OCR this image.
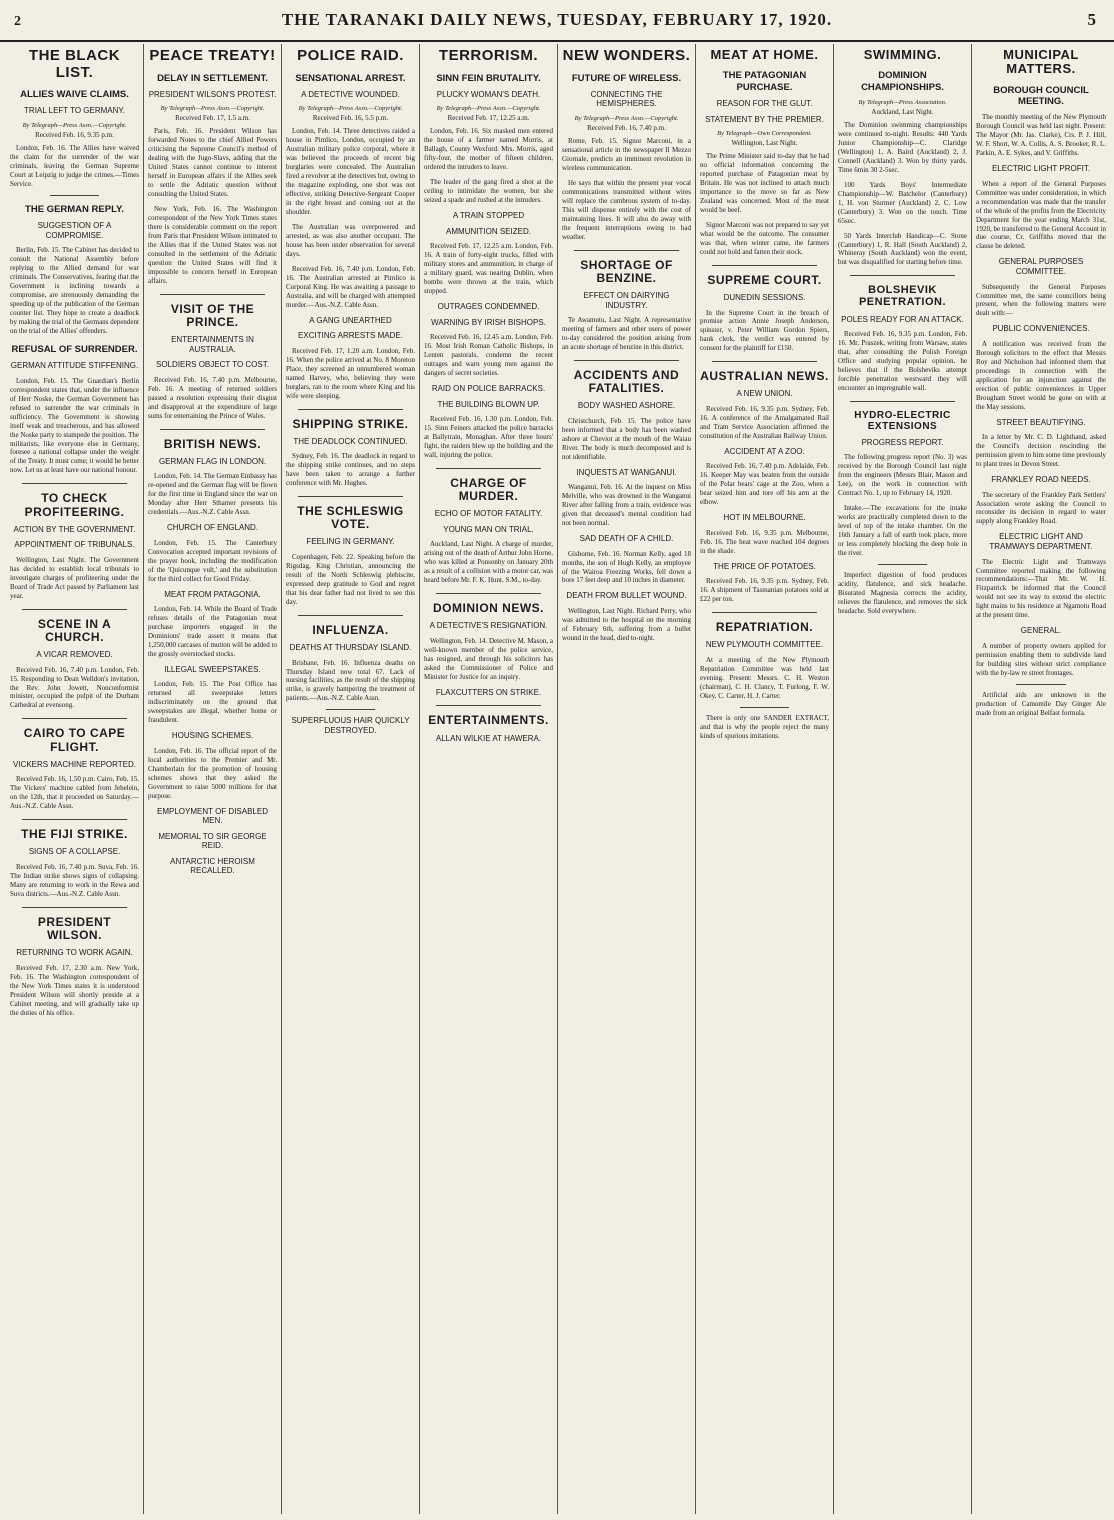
2	THE TARANAKI DAILY NEWS, TUESDAY, FEBRUARY 17, 1920.	5
THE BLACK LIST.
ALLIES WAIVE CLAIMS.
TRIAL LEFT TO GERMANY.
By Telegraph—Press Assn.—Copyright.
Received Feb. 16, 9.35 p.m.

London, Feb. 16. The Allies have waived the claim for the surrender of the war criminals, leaving the German Supreme Court at Leipzig to judge the crimes.—Times Service.

THE GERMAN REPLY.
SUGGESTION OF A COMPROMISE.

Berlin, Feb. 15. The Cabinet has decided to consult the National Assembly before replying to the Allied demand for war criminals. The Conservatives, fearing that the Government is inclining towards a compromise, are strenuously demanding the speeding up of the publication of the German counter list. They hope to create a deadlock by making the trial of the Germans dependent on the trial of the Allies' offenders.

REFUSAL OF SURRENDER.
GERMAN ATTITUDE STIFFENING.

London, Feb. 15. The Guardian's Berlin correspondent states that, under the influence of Herr Noske, the German Government has refused to surrender the war criminals in sufficiency. The Government is showing itself weak and treacherous, and has allowed the Noske party to stampede the position. The militarists, like everyone else in Germany, foresee a national collapse under the weight of the Treaty. It must come; it would be better now. Let us at least have our national honour.

TO CHECK PROFITEERING.
ACTION BY THE GOVERNMENT.
APPOINTMENT OF TRIBUNALS.

Wellington, Last Night. The Government has decided to establish local tribunals to investigate charges of profiteering under the Board of Trade Act passed by Parliament last year.

SCENE IN A CHURCH.
A VICAR REMOVED.

Received Feb. 16, 7.40 p.m. London, Feb. 15. Responding to Dean Welldon's invitation, the Rev. John Jowett, Nonconformist minister, occupied the pulpit of the Durham Cathedral at evensong.

CAIRO TO CAPE FLIGHT.
VICKERS MACHINE REPORTED.

Received Feb. 16, 1.50 p.m. Cairo, Feb. 15. The Vickers' machine cabled from Jebelein, on the 12th, that it proceeded on Saturday.—Aus.-N.Z. Cable Assn.

THE FIJI STRIKE.
SIGNS OF A COLLAPSE.

Received Feb. 16, 7.40 p.m. Suva, Feb. 16. The Indian strike shows signs of collapsing. Many are returning to work in the Rewa and Suva districts.—Aus.-N.Z. Cable Assn.

PRESIDENT WILSON.
RETURNING TO WORK AGAIN.

Received Feb. 17, 2.30 a.m. New York, Feb. 16. The Washington correspondent of the New York Times states it is understood President Wilson will shortly preside at a Cabinet meeting, and will gradually take up the duties of his office.

PEACE TREATY!
DELAY IN SETTLEMENT.
PRESIDENT WILSON'S PROTEST.
By Telegraph—Press Assn.—Copyright.
Received Feb. 17, 1.5 a.m.

Paris, Feb. 16. President Wilson has forwarded Notes to the chief Allied Powers criticising the Supreme Council's method of dealing with the Jugo-Slavs, adding that the United States cannot continue to interest herself in European affairs if the Allies seek to settle the Adriatic question without consulting the United States.

New York, Feb. 16. The Washington correspondent of the New York Times states there is considerable comment on the report from Paris that President Wilson intimated to the Allies that if the United States was not consulted in the settlement of the Adriatic question the United States will find it impossible to concern herself in European affairs.

VISIT OF THE PRINCE.
ENTERTAINMENTS IN AUSTRALIA.
SOLDIERS OBJECT TO COST.

Received Feb. 16, 7.40 p.m. Melbourne, Feb. 16. A meeting of returned soldiers passed a resolution expressing their disgust and disapproval at the expenditure of large sums for entertaining the Prince of Wales.

BRITISH NEWS.
GERMAN FLAG IN LONDON.

London, Feb. 14. The German Embassy has re-opened and the German flag will be flown for the first time in England since the war on Monday after Herr Sthamer presents his credentials.—Aus.-N.Z. Cable Assn.

CHURCH OF ENGLAND.

London, Feb. 15. The Canterbury Convocation accepted important revisions of the prayer book, including the modification of the 'Quicunque vult,' and the substitution for the third collect for Good Friday.

MEAT FROM PATAGONIA.

London, Feb. 14. While the Board of Trade refuses details of the Patagonian meat purchase importers engaged in the Dominions' trade assert it means that 1,250,000 carcases of mutton will be added to the grossly overstocked stocks.

ILLEGAL SWEEPSTAKES.

London, Feb. 15. The Post Office has returned all sweepstake letters indiscriminately on the ground that sweepstakes are illegal, whether home or fraudulent.

HOUSING SCHEMES.

London, Feb. 16. The official report of the local authorities to the Premier and Mr. Chamberlain for the promotion of housing schemes shows that they asked the Government to raise 5000 millions for that purpose.

EMPLOYMENT OF DISABLED MEN.
MEMORIAL TO SIR GEORGE REID.
ANTARCTIC HEROISM RECALLED.
POLICE RAID.
SENSATIONAL ARREST.
A DETECTIVE WOUNDED.
By Telegraph—Press Assn.—Copyright.
Received Feb. 16, 5.5 p.m.

London, Feb. 14. Three detectives raided a house in Pimlico, London, occupied by an Australian military police corporal, where it was believed the proceeds of recent big burglaries were concealed. The Australian fired a revolver at the detectives but, owing to the magazine exploding, one shot was not effective, striking Detective-Sergeant Cooper in the right breast and coming out at the shoulder.

The Australian was overpowered and arrested, as was also another occupant. The house has been under observation for several days.

Received Feb. 16, 7.40 p.m. London, Feb. 16. The Australian arrested at Pimlico is Corporal King. He was awaiting a passage to Australia, and will be charged with attempted murder.—Aus.-N.Z. Cable Assn.

A GANG UNEARTHED
EXCITING ARRESTS MADE.

Received Feb. 17, 1.20 a.m. London, Feb. 16. When the police arrived at No. 8 Moreton Place, they screened an unnumbered woman named Harvey, who, believing they were burglars, ran to the room where King and his wife were sleeping.

SHIPPING STRIKE.
THE DEADLOCK CONTINUED.

Sydney, Feb. 16. The deadlock in regard to the shipping strike continues, and no steps have been taken to arrange a further conference with Mr. Hughes.

THE SCHLESWIG VOTE.
FEELING IN GERMANY.

Copenhagen, Feb. 22. Speaking before the Rigsdag, King Christian, announcing the result of the North Schleswig plebiscite, expressed deep gratitude to God and regret that his dear father had not lived to see this day.

INFLUENZA.
DEATHS AT THURSDAY ISLAND.

Brisbane, Feb. 16. Influenza deaths on Thursday Island now total 67. Lack of nursing facilities, as the result of the shipping strike, is gravely hampering the treatment of patients.—Aus.-N.Z. Cable Assn.

SUPERFLUOUS HAIR QUICKLY DESTROYED.
TERRORISM.
SINN FEIN BRUTALITY.
PLUCKY WOMAN'S DEATH.
By Telegraph—Press Assn.—Copyright.
Received Feb. 17, 12.25 a.m.

London, Feb. 16. Six masked men entered the house of a farmer named Morris, at Ballagh, County Wexford. Mrs. Morris, aged fifty-four, the mother of fifteen children, ordered the intruders to leave.

The leader of the gang fired a shot at the ceiling to intimidate the women, but she seized a spade and rushed at the intruders.

A TRAIN STOPPED
AMMUNITION SEIZED.

Received Feb. 17, 12.25 a.m. London, Feb. 16. A train of forty-eight trucks, filled with military stores and ammunition, in charge of a military guard, was nearing Dublin, when bombs were thrown at the train, which stopped.

OUTRAGES CONDEMNED.
WARNING BY IRISH BISHOPS.

Received Feb. 16, 12.45 a.m. London, Feb. 16. Most Irish Roman Catholic Bishops, in Lenten pastorals, condemn the recent outrages and warn young men against the dangers of secret societies.

RAID ON POLICE BARRACKS.
THE BUILDING BLOWN UP.

Received Feb. 16, 1.30 p.m. London, Feb. 15. Sinn Feiners attacked the police barracks at Ballytrain, Monaghan. After three hours' fight, the raiders blew up the building and the wall, injuring the police.

CHARGE OF MURDER.
ECHO OF MOTOR FATALITY.
YOUNG MAN ON TRIAL.

Auckland, Last Night. A charge of murder, arising out of the death of Arthur John Horne, who was killed at Ponsonby on January 20th as a result of a collision with a motor car, was heard before Mr. F. K. Hunt, S.M., to-day.

DOMINION NEWS.
A DETECTIVE'S RESIGNATION.

Wellington, Feb. 14. Detective M. Mason, a well-known member of the police service, has resigned, and through his solicitors has asked the Commissioner of Police and Minister for Justice for an inquiry.

FLAXCUTTERS ON STRIKE.
ENTERTAINMENTS.
ALLAN WILKIE AT HAWERA.
NEW WONDERS.
FUTURE OF WIRELESS.
CONNECTING THE HEMISPHERES.
By Telegraph—Press Assn.—Copyright.
Received Feb. 16, 7.40 p.m.

Rome, Feb. 15. Signor Marconi, in a sensational article in the newspaper Il Mezzo Giornale, predicts an imminent revolution in wireless communication.

He says that within the present year vocal communications transmitted without wires will replace the cumbrous system of to-day. This will dispense entirely with the cost of maintaining lines. It will also do away with the frequent interruptions owing to bad weather.

SHORTAGE OF BENZINE.
EFFECT ON DAIRYING INDUSTRY.

Te Awamutu, Last Night. A representative meeting of farmers and other users of power to-day considered the position arising from an acute shortage of benzine in this district.

ACCIDENTS AND FATALITIES.
BODY WASHED ASHORE.

Christchurch, Feb. 15. The police have been informed that a body has been washed ashore at Cheviot at the mouth of the Waiau River. The body is much decomposed and is not identifiable.

INQUESTS AT WANGANUI.

Wanganui, Feb. 16. At the inquest on Miss Melville, who was drowned in the Wanganui River after falling from a train, evidence was given that deceased's mental condition had not been normal.

SAD DEATH OF A CHILD.

Gisborne, Feb. 16. Norman Kelly, aged 18 months, the son of Hugh Kelly, an employee of the Wairoa Freezing Works, fell down a bore 17 feet deep and 10 inches in diameter.

DEATH FROM BULLET WOUND.

Wellington, Last Night. Richard Perry, who was admitted to the hospital on the morning of February 6th, suffering from a bullet wound in the head, died to-night.

MEAT AT HOME.
THE PATAGONIAN PURCHASE.
REASON FOR THE GLUT.
STATEMENT BY THE PREMIER.
By Telegraph—Own Correspondent.
Wellington, Last Night.

The Prime Minister said to-day that he had no official information concerning the reported purchase of Patagonian meat by Britain. He was not inclined to attach much importance to the move so far as New Zealand was concerned. Most of the meat would be beef.

Signor Marconi was not prepared to say yet what would be the outcome. The consumer was that, when winter came, the farmers could not hold and fatten their stock.

SUPREME COURT.
DUNEDIN SESSIONS.

In the Supreme Court in the breach of promise action Annie Joseph Anderson, spinster, v. Peter William Gordon Spiers, bank clerk, the verdict was entered by consent for the plaintiff for £150.

AUSTRALIAN NEWS.
A NEW UNION.

Received Feb. 16, 9.35 p.m. Sydney, Feb. 16. A conference of the Amalgamated Rail and Tram Service Association affirmed the constitution of the Australian Railway Union.

ACCIDENT AT A ZOO.

Received Feb. 16, 7.40 p.m. Adelaide, Feb. 16. Keeper May was beaten from the outside of the Polar bears' cage at the Zoo, when a bear seized him and tore off his arm at the elbow.

HOT IN MELBOURNE.

Received Feb. 16, 9.35 p.m. Melbourne, Feb. 16. The heat wave reached 104 degrees in the shade.

THE PRICE OF POTATOES.

Received Feb. 16, 9.35 p.m. Sydney, Feb. 16. A shipment of Tasmanian potatoes sold at £22 per ton.

REPATRIATION.
NEW PLYMOUTH COMMITTEE.

At a meeting of the New Plymouth Repatriation Committee was held last evening. Present: Messrs. C. H. Weston (chairman), C. H. Clancy, T. Furlong, F. W. Okey, C. Carter, H. J. Carter.

There is only one SANDER EXTRACT, and that is why the people reject the many kinds of spurious imitations.

SWIMMING.
DOMINION CHAMPIONSHIPS.
By Telegraph—Press Association.
Auckland, Last Night.

The Dominion swimming championships were continued to-night. Results: 440 Yards Junior Championship—C. Claridge (Wellington) 1, A. Baird (Auckland) 2, J. Connell (Auckland) 3. Won by thirty yards. Time 6min 30 2-5sec.

100 Yards Boys' Intermediate Championship—W. Batchelor (Canterbury) 1, H. von Sturmer (Auckland) 2, C. Low (Canterbury) 3. Won on the touch. Time 65sec.

50 Yards Interclub Handicap—C. Stone (Canterbury) 1, R. Hall (South Auckland) 2, Whineray (South Auckland) won the event, but was disqualified for starting before time.

BOLSHEVIK PENETRATION.
POLES READY FOR AN ATTACK.

Received Feb. 16, 9.35 p.m. London, Feb. 16. Mr. Praszek, writing from Warsaw, states that, after consulting the Polish Foreign Office and studying popular opinion, he believes that if the Bolsheviks attempt forcible penetration westward they will encounter an impregnable wall.

HYDRO-ELECTRIC EXTENSIONS
PROGRESS REPORT.

The following progress report (No. 3) was received by the Borough Council last night from the engineers (Messrs Blair, Mason and Lee), on the work in connection with Contract No. 1, up to February 14, 1920.

Intake.—The excavations for the intake works are practically completed down to the level of top of the intake chamber. On the 16th January a fall of earth took place, more or less completely blocking the deep hole in the river.

Imperfect digestion of food produces acidity, flatulence, and sick headache. Bisurated Magnesia corrects the acidity, relieves the flatulence, and removes the sick headache. Sold everywhere.

MUNICIPAL MATTERS.
BOROUGH COUNCIL MEETING.

The monthly meeting of the New Plymouth Borough Council was held last night. Present: The Mayor (Mr. Jas. Clarke), Crs. P. J. Hill, W. F. Short, W. A. Collis, A. S. Brooker, R. L. Parkin, A. E. Sykes, and V. Griffiths.

ELECTRIC LIGHT PROFIT.

When a report of the General Purposes Committee was under consideration, in which a recommendation was made that the transfer of the whole of the profits from the Electricity Department for the year ending March 31st, 1920, be transferred to the General Account in due course, Cr. Griffiths moved that the clause be deleted.

GENERAL PURPOSES COMMITTEE.

Subsequently the General Purposes Committee met, the same councillors being present, when the following matters were dealt with:—

PUBLIC CONVENIENCES.

A notification was received from the Borough solicitors to the effect that Messrs Roy and Nicholson had informed them that proceedings in connection with the application for an injunction against the erection of public conveniences in Upper Brougham Street would be gone on with at the May sessions.

STREET BEAUTIFYING.

In a letter by Mr. C. D. Lighthand, asked the Council's decision rescinding the permission given to him some time previously to plant trees in Devon Street.

FRANKLEY ROAD NEEDS.

The secretary of the Frankley Park Settlers' Association wrote asking the Council to reconsider its decision in regard to water supply along Frankley Road.

ELECTRIC LIGHT AND TRAMWAYS DEPARTMENT.

The Electric Light and Tramways Committee reported making the following recommendations:—That Mr. W. H. Fitzpatrick be informed that the Council would not see its way to extend the electric light mains to his residence at Ngamotu Road at the present time.

GENERAL.

A number of property owners applied for permission enabling them to subdivide land for building sites without strict compliance with the by-law re street frontages.

Artificial aids are unknown in the production of Camomile Day Ginger Ale made from an original Belfast formula.
